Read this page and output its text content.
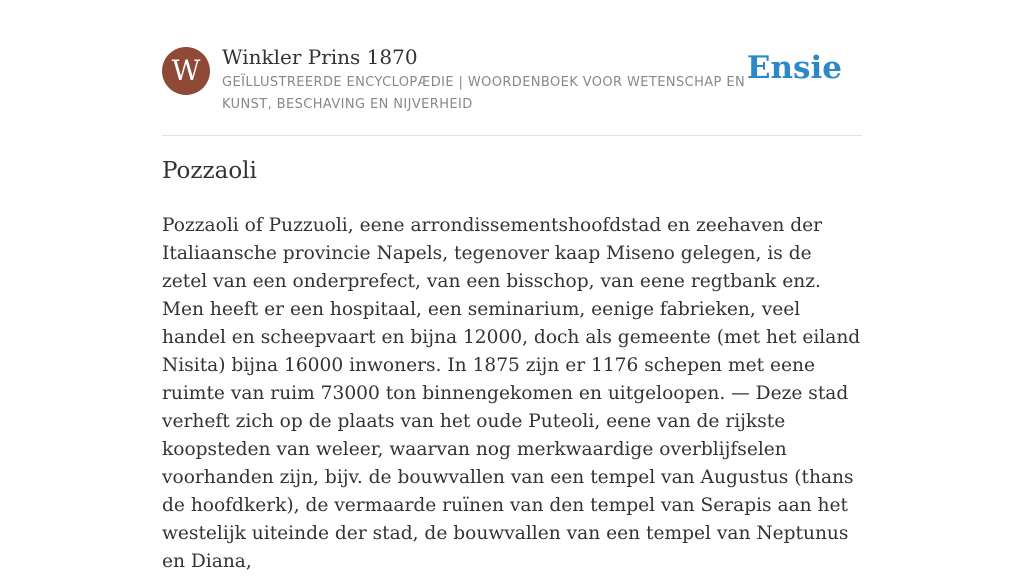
W	Winkler Prins 1870
GEÏLLUSTREERDE ENCYCLOPÆDIE | WOORDENBOEK VOOR WETENSCHAP EN KUNST, BESCHAVING EN NIJVERHEID
Ensie
Pozzaoli

Pozzaoli of Puzzuoli, eene arrondissementshoofdstad en zeehaven der Italiaansche provincie Napels, tegenover kaap Miseno gelegen, is de zetel van een onderprefect, van een bisschop, van eene regtbank enz. Men heeft er een hospitaal, een seminarium, eenige fabrieken, veel handel en scheepvaart en bijna 12000, doch als gemeente (met het eiland Nisita) bijna 16000 inwoners. In 1875 zijn er 1176 schepen met eene ruimte van ruim 73000 ton binnengekomen en uitgeloopen. — Deze stad verheft zich op de plaats van het oude Puteoli, eene van de rijkste koopsteden van weleer, waarvan nog merkwaardige overblijfselen voorhanden zijn, bijv. de bouwvallen van een tempel van Augustus (thans de hoofdkerk), de vermaarde ruïnen van den tempel van Serapis aan het westelijk uiteinde der stad, de bouwvallen van een tempel van Neptunus en Diana,
